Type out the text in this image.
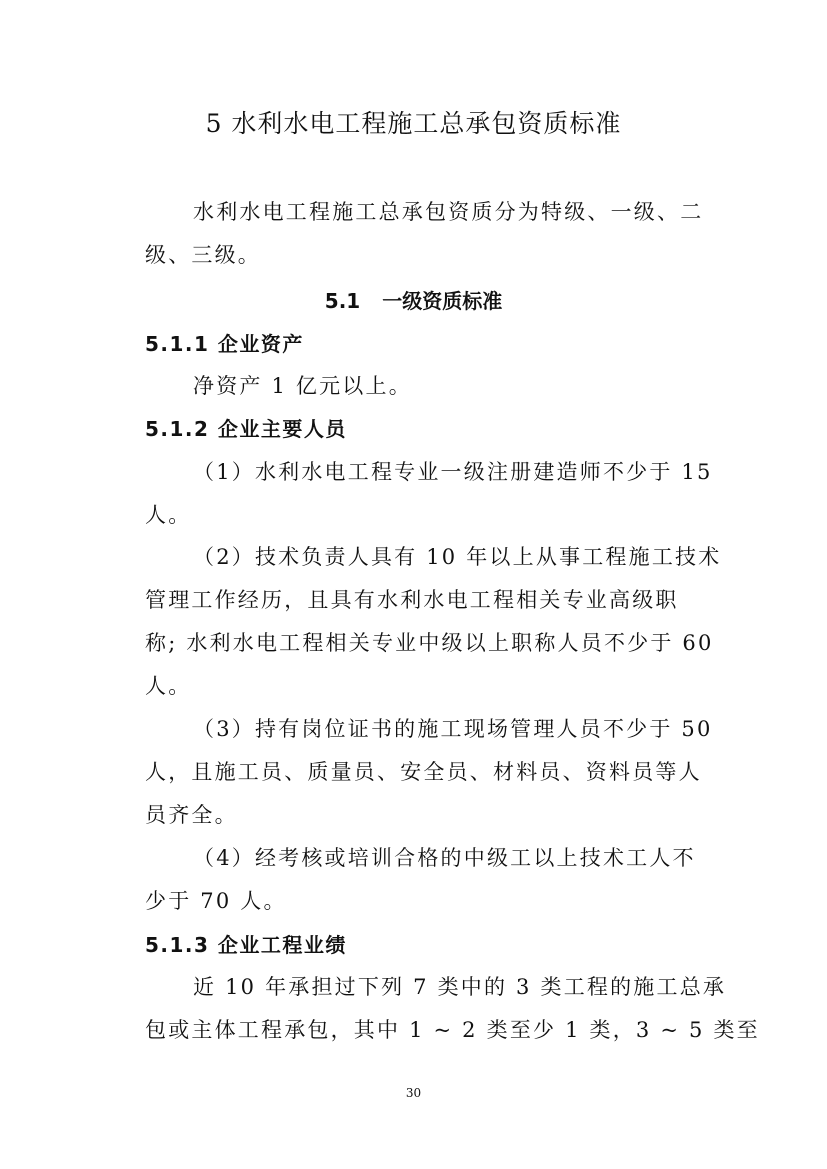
5 水利水电工程施工总承包资质标准
水利水电工程施工总承包资质分为特级、一级、二
级、三级。
5.1 一级资质标准
5.1.1 企业资产
净资产 1 亿元以上。
5.1.2 企业主要人员
（1）水利水电工程专业一级注册建造师不少于 15
人。
（2）技术负责人具有 10 年以上从事工程施工技术
管理工作经历，且具有水利水电工程相关专业高级职
称; 水利水电工程相关专业中级以上职称人员不少于 60
人。
（3）持有岗位证书的施工现场管理人员不少于 50
人，且施工员、质量员、安全员、材料员、资料员等人
员齐全。
（4）经考核或培训合格的中级工以上技术工人不
少于 70 人。
5.1.3 企业工程业绩
近 10 年承担过下列 7 类中的 3 类工程的施工总承
包或主体工程承包，其中 1 ~ 2 类至少 1 类，3 ~ 5 类至
30
